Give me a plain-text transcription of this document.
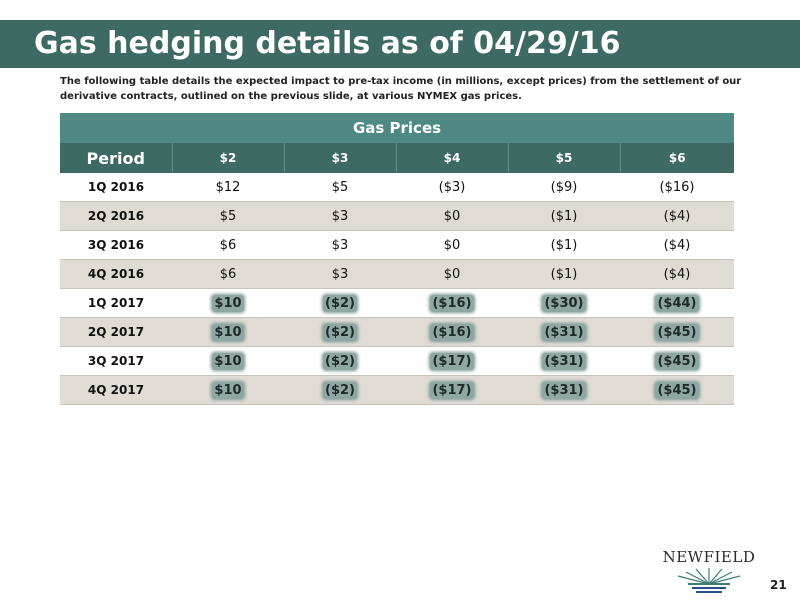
Gas hedging details as of 04/29/16
The following table details the expected impact to pre-tax income (in millions, except prices) from the settlement of our derivative contracts, outlined on the previous slide, at various NYMEX gas prices.
Gas Prices					
Period	$2	$3	$4	$5	$6
1Q 2016	$12	$5	($3)	($9)	($16)
2Q 2016	$5	$3	$0	($1)	($4)
3Q 2016	$6	$3	$0	($1)	($4)
4Q 2016	$6	$3	$0	($1)	($4)
1Q 2017	$10	($2)	($16)	($30)	($44)
2Q 2017	$10	($2)	($16)	($31)	($45)
3Q 2017	$10	($2)	($17)	($31)	($45)
4Q 2017	$10	($2)	($17)	($31)	($45)
NEWFIELD
21
